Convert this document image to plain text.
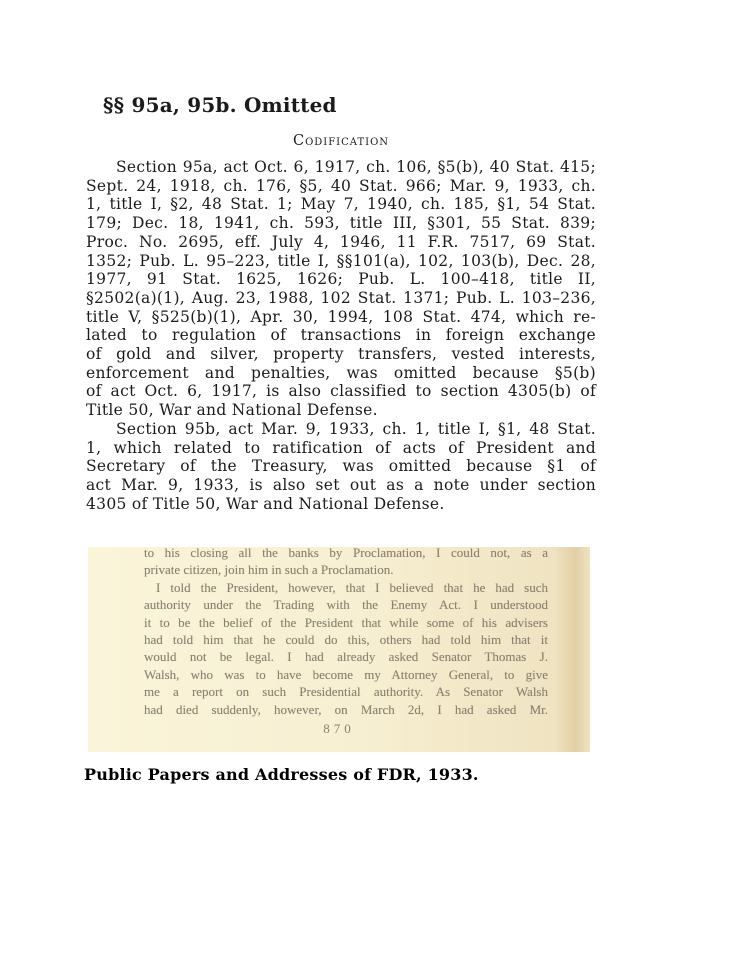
§§ 95a, 95b. Omitted
Codification
Section 95a, act Oct. 6, 1917, ch. 106, §5(b), 40 Stat. 415;
Sept. 24, 1918, ch. 176, §5, 40 Stat. 966; Mar. 9, 1933, ch.
1, title I, §2, 48 Stat. 1; May 7, 1940, ch. 185, §1, 54 Stat.
179; Dec. 18, 1941, ch. 593, title III, §301, 55 Stat. 839;
Proc. No. 2695, eff. July 4, 1946, 11 F.R. 7517, 69 Stat.
1352; Pub. L. 95–223, title I, §§101(a), 102, 103(b), Dec. 28,
1977, 91 Stat. 1625, 1626; Pub. L. 100–418, title II,
§2502(a)(1), Aug. 23, 1988, 102 Stat. 1371; Pub. L. 103–236,
title V, §525(b)(1), Apr. 30, 1994, 108 Stat. 474, which re-
lated to regulation of transactions in foreign exchange
of gold and silver, property transfers, vested interests,
enforcement and penalties, was omitted because §5(b)
of act Oct. 6, 1917, is also classified to section 4305(b) of
Title 50, War and National Defense.
Section 95b, act Mar. 9, 1933, ch. 1, title I, §1, 48 Stat.
1, which related to ratification of acts of President and
Secretary of the Treasury, was omitted because §1 of
act Mar. 9, 1933, is also set out as a note under section
4305 of Title 50, War and National Defense.
to his closing all the banks by Proclamation, I could not, as a
private citizen, join him in such a Proclamation.
I told the President, however, that I believed that he had such
authority under the Trading with the Enemy Act. I understood
it to be the belief of the President that while some of his advisers
had told him that he could do this, others had told him that it
would not be legal. I had already asked Senator Thomas J.
Walsh, who was to have become my Attorney General, to give
me a report on such Presidential authority. As Senator Walsh
had died suddenly, however, on March 2d, I had asked Mr.
870
Public Papers and Addresses of FDR, 1933.
